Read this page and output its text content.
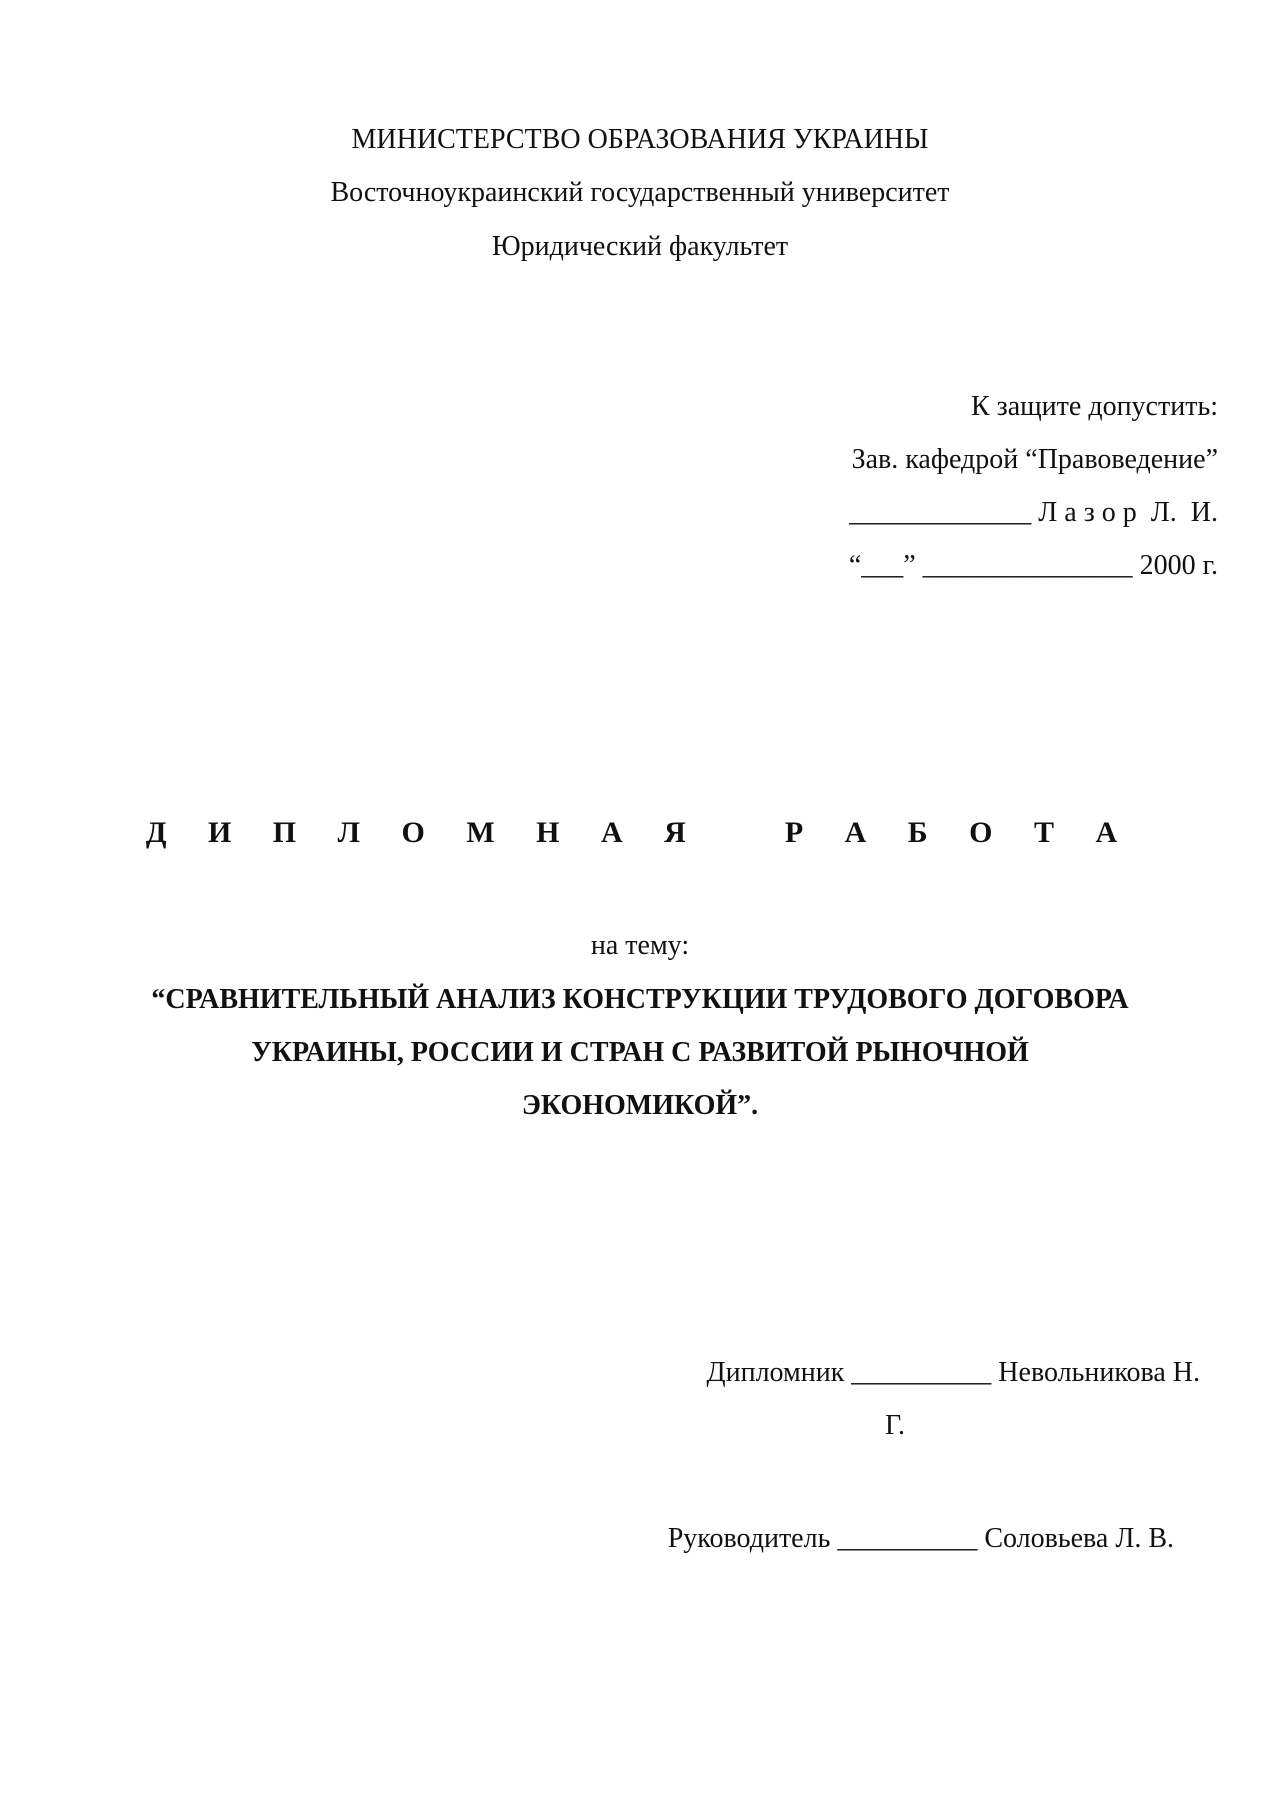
МИНИСТЕРСТВО ОБРАЗОВАНИЯ УКРАИНЫ
Восточноукраинский государственный университет
Юридический факультет
К защите допустить:
Зав. кафедрой “Правоведение”
_____________ Л а з о р  Л.  И.
“___” _______________ 2000 г.
Д И П Л О М Н А Я	Р А Б О Т А
на тему:
“СРАВНИТЕЛЬНЫЙ АНАЛИЗ КОНСТРУКЦИИ ТРУДОВОГО ДОГОВОРА
УКРАИНЫ, РОССИИ И СТРАН С РАЗВИТОЙ РЫНОЧНОЙ
ЭКОНОМИКОЙ”.
Дипломник __________ Невольникова Н.
Г.
Руководитель __________ Соловьева Л. В.
